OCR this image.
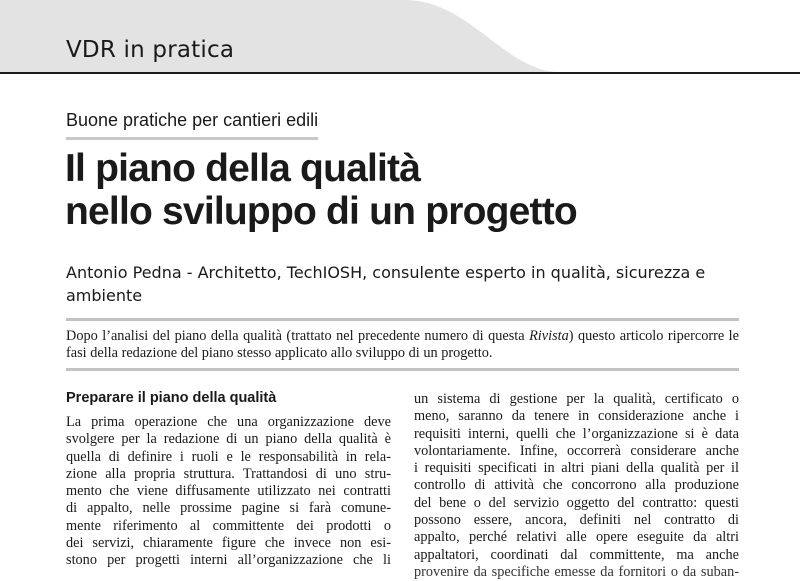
VDR in pratica
Buone pratiche per cantieri edili
Il piano della qualità
nello sviluppo di un progetto
Antonio Pedna - Architetto, TechIOSH, consulente esperto in qualità, sicurezza e ambiente

Dopo l’analisi del piano della qualità (trattato nel precedente numero di questa Rivista) questo articolo ripercorre le fasi della redazione del piano stesso applicato allo sviluppo di un progetto.

Preparare il piano della qualità
La prima operazione che una organizzazione deve
svolgere per la redazione di un piano della qualità è
quella di definire i ruoli e le responsabilità in rela-
zione alla propria struttura. Trattandosi di uno stru-
mento che viene diffusamente utilizzato nei contratti
di appalto, nelle prossime pagine si farà comune-
mente riferimento al committente dei prodotti o
dei servizi, chiaramente figure che invece non esi-
stono per progetti interni all’organizzazione che li
un sistema di gestione per la qualità, certificato o
meno, saranno da tenere in considerazione anche i
requisiti interni, quelli che l’organizzazione si è data
volontariamente. Infine, occorrerà considerare anche
i requisiti specificati in altri piani della qualità per il
controllo di attività che concorrono alla produzione
del bene o del servizio oggetto del contratto: questi
possono essere, ancora, definiti nel contratto di
appalto, perché relativi alle opere eseguite da altri
appaltatori, coordinati dal committente, ma anche
provenire da specifiche emesse da fornitori o da suban-
